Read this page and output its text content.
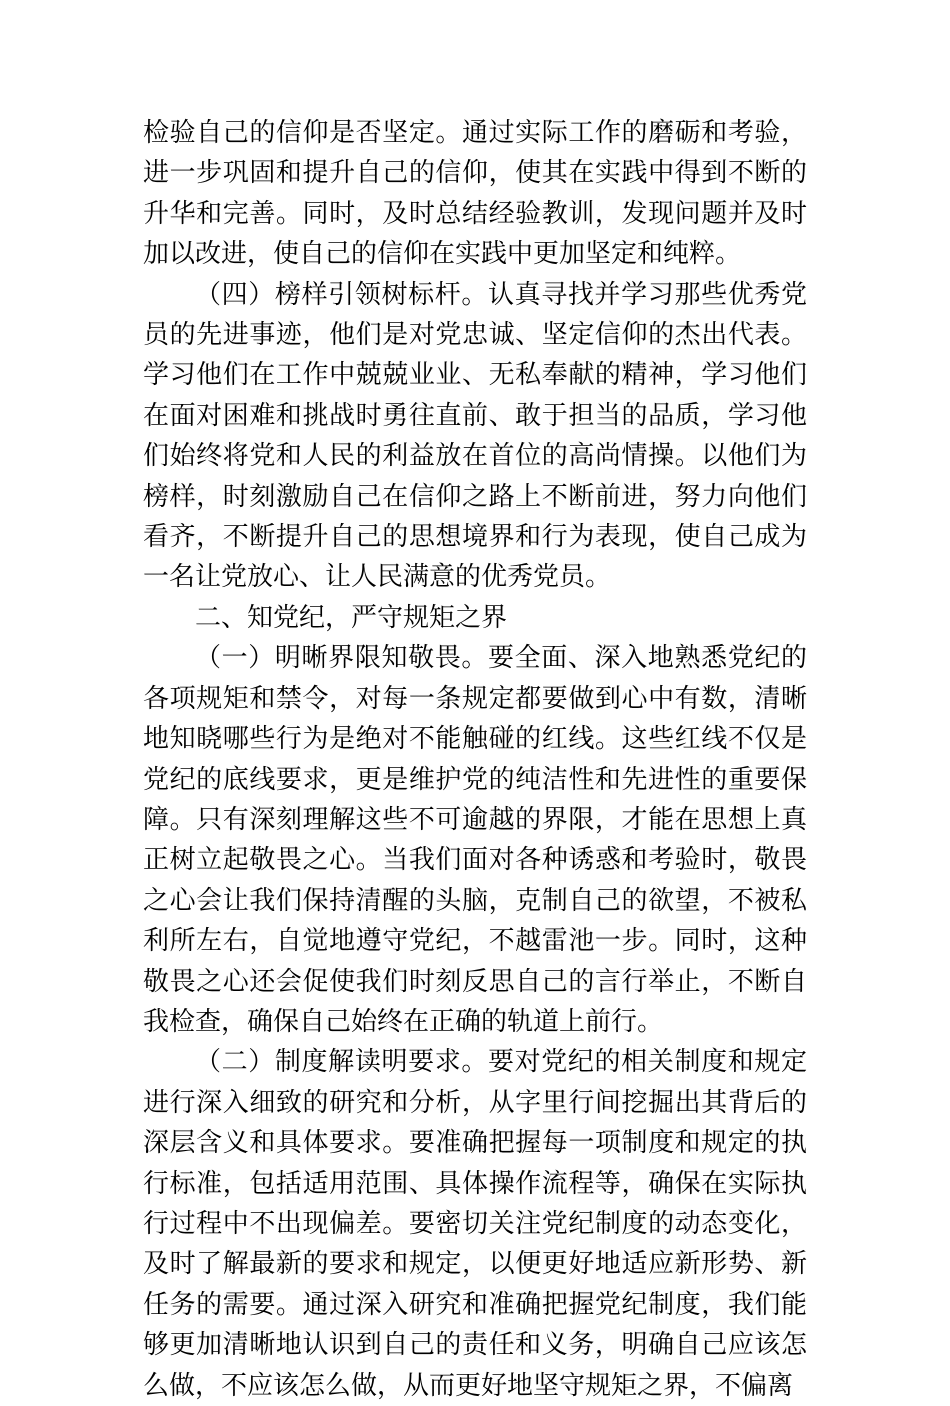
检验自己的信仰是否坚定。通过实际工作的磨砺和考验，进一步巩固和提升自己的信仰，使其在实践中得到不断的升华和完善。同时，及时总结经验教训，发现问题并及时加以改进，使自己的信仰在实践中更加坚定和纯粹。

（四）榜样引领树标杆。认真寻找并学习那些优秀党员的先进事迹，他们是对党忠诚、坚定信仰的杰出代表。学习他们在工作中兢兢业业、无私奉献的精神，学习他们在面对困难和挑战时勇往直前、敢于担当的品质，学习他们始终将党和人民的利益放在首位的高尚情操。以他们为榜样，时刻激励自己在信仰之路上不断前进，努力向他们看齐，不断提升自己的思想境界和行为表现，使自己成为一名让党放心、让人民满意的优秀党员。

二、知党纪，严守规矩之界

（一）明晰界限知敬畏。要全面、深入地熟悉党纪的各项规矩和禁令，对每一条规定都要做到心中有数，清晰地知晓哪些行为是绝对不能触碰的红线。这些红线不仅是党纪的底线要求，更是维护党的纯洁性和先进性的重要保障。只有深刻理解这些不可逾越的界限，才能在思想上真正树立起敬畏之心。当我们面对各种诱惑和考验时，敬畏之心会让我们保持清醒的头脑，克制自己的欲望，不被私利所左右，自觉地遵守党纪，不越雷池一步。同时，这种敬畏之心还会促使我们时刻反思自己的言行举止，不断自我检查，确保自己始终在正确的轨道上前行。

（二）制度解读明要求。要对党纪的相关制度和规定进行深入细致的研究和分析，从字里行间挖掘出其背后的深层含义和具体要求。要准确把握每一项制度和规定的执行标准，包括适用范围、具体操作流程等，确保在实际执行过程中不出现偏差。要密切关注党纪制度的动态变化，及时了解最新的要求和规定，以便更好地适应新形势、新任务的需要。通过深入研究和准确把握党纪制度，我们能够更加清晰地认识到自己的责任和义务，明确自己应该怎么做，不应该怎么做，从而更好地坚守规矩之界，不偏离
